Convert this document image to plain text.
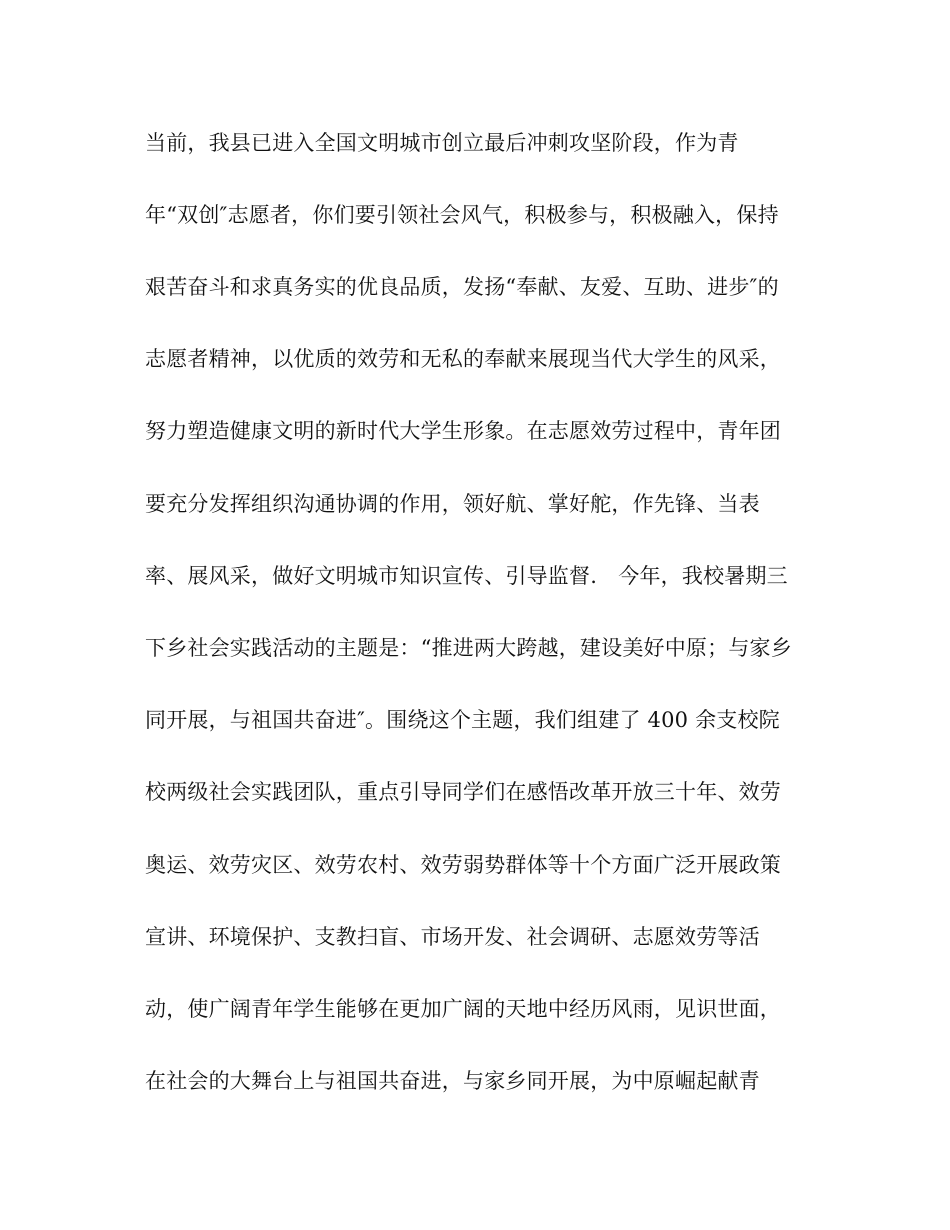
当前，我县已进入全国文明城市创立最后冲刺攻坚阶段，作为青
年“双创″志愿者，你们要引领社会风气，积极参与，积极融入，保持
艰苦奋斗和求真务实的优良品质，发扬“奉献、友爱、互助、进步″的
志愿者精神，以优质的效劳和无私的奉献来展现当代大学生的风采，
努力塑造健康文明的新时代大学生形象。在志愿效劳过程中，青年团
要充分发挥组织沟通协调的作用，领好航、掌好舵，作先锋、当表
率、展风采，做好文明城市知识宣传、引导监督.　今年，我校暑期三
下乡社会实践活动的主题是：“推进两大跨越，建设美好中原；与家乡
同开展，与祖国共奋进″。围绕这个主题，我们组建了 400 余支校院
校两级社会实践团队，重点引导同学们在感悟改革开放三十年、效劳
奥运、效劳灾区、效劳农村、效劳弱势群体等十个方面广泛开展政策
宣讲、环境保护、支教扫盲、市场开发、社会调研、志愿效劳等活
动，使广阔青年学生能够在更加广阔的天地中经历风雨，见识世面，
在社会的大舞台上与祖国共奋进，与家乡同开展，为中原崛起献青
